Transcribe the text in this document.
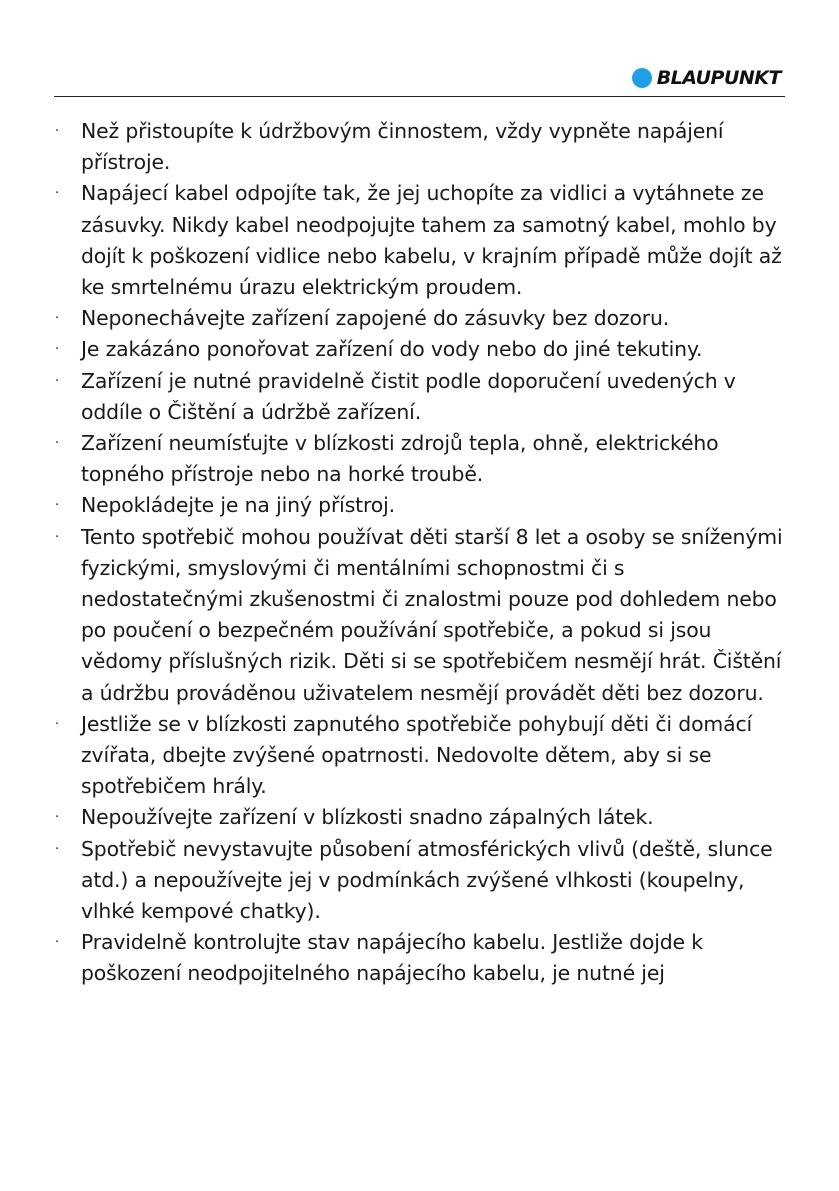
BLAUPUNKT
· Než přistoupíte k údržbovým činnostem, vždy vypněte napájení přístroje.
· Napájecí kabel odpojíte tak, že jej uchopíte za vidlici a vytáhnete ze zásuvky. Nikdy kabel neodpojujte tahem za samotný kabel, mohlo by dojít k poškození vidlice nebo kabelu, v krajním případě může dojít až ke smrtelnému úrazu elektrickým proudem.
· Neponechávejte zařízení zapojené do zásuvky bez dozoru.
· Je zakázáno ponořovat zařízení do vody nebo do jiné tekutiny.
· Zařízení je nutné pravidelně čistit podle doporučení uvedených v oddíle o Čištění a údržbě zařízení.
· Zařízení neumísťujte v blízkosti zdrojů tepla, ohně, elektrického topného přístroje nebo na horké troubě.
· Nepokládejte je na jiný přístroj.
· Tento spotřebič mohou používat děti starší 8 let a osoby se sníženými fyzickými, smyslovými či mentálními schopnostmi či s nedostatečnými zkušenostmi či znalostmi pouze pod dohledem nebo po poučení o bezpečném používání spotřebiče, a pokud si jsou vědomy příslušných rizik. Děti si se spotřebičem nesmějí hrát. Čištění a údržbu prováděnou uživatelem nesmějí provádět děti bez dozoru.
· Jestliže se v blízkosti zapnutého spotřebiče pohybují děti či domácí zvířata, dbejte zvýšené opatrnosti. Nedovolte dětem, aby si se spotřebičem hrály.
· Nepoužívejte zařízení v blízkosti snadno zápalných látek.
· Spotřebič nevystavujte působení atmosférických vlivů (deště, slunce atd.) a nepoužívejte jej v podmínkách zvýšené vlhkosti (koupelny, vlhké kempové chatky).
· Pravidelně kontrolujte stav napájecího kabelu. Jestliže dojde k poškození neodpojitelného napájecího kabelu, je nutné jej
